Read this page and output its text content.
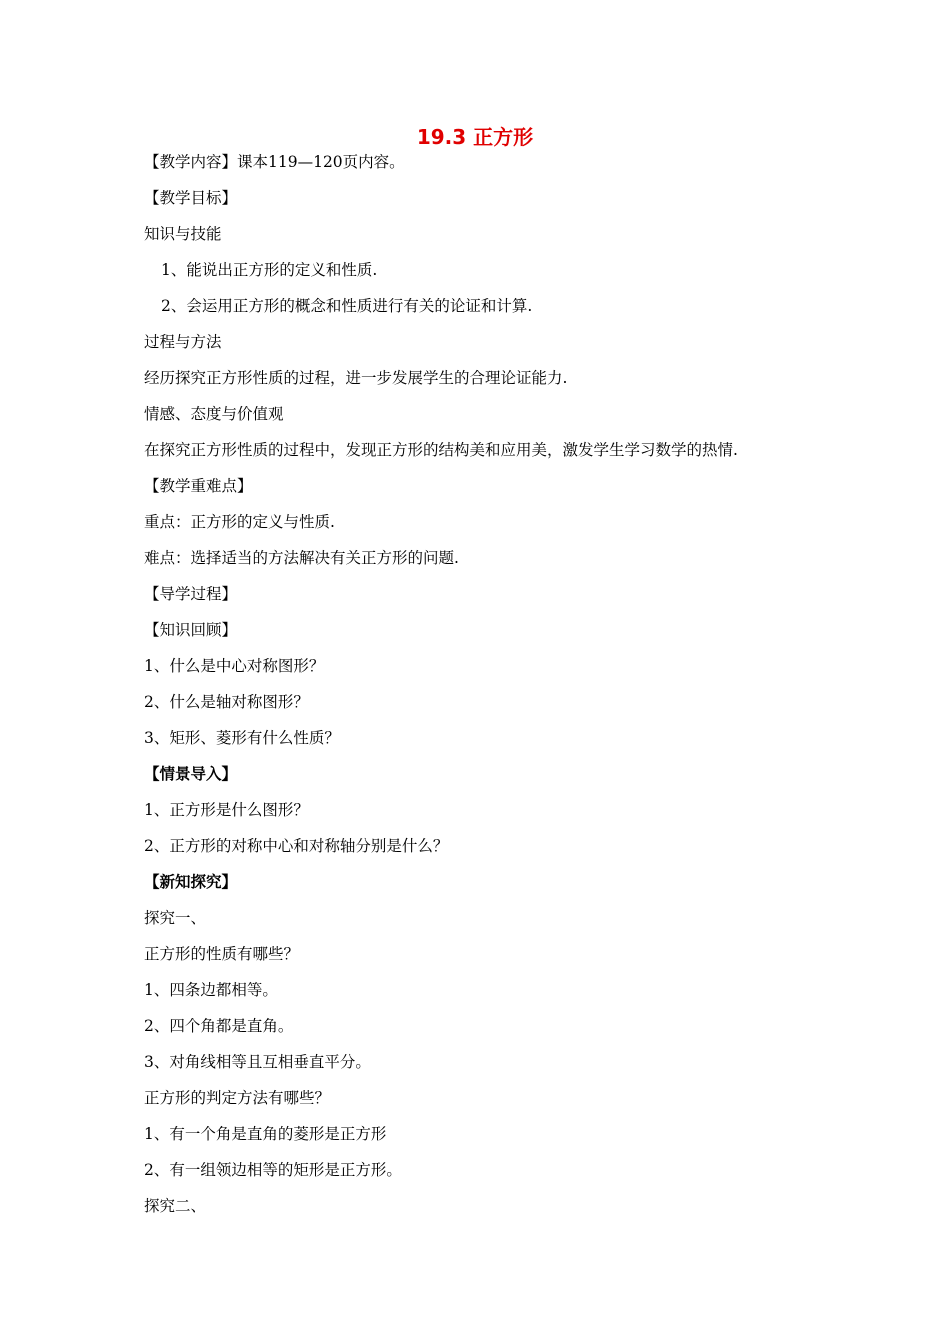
19.3 正方形
【教学内容】课本119—120页内容。
【教学目标】
知识与技能
1、能说出正方形的定义和性质.
2、会运用正方形的概念和性质进行有关的论证和计算.
过程与方法
经历探究正方形性质的过程，进一步发展学生的合理论证能力.
情感、态度与价值观
在探究正方形性质的过程中，发现正方形的结构美和应用美，激发学生学习数学的热情.
【教学重难点】
重点：正方形的定义与性质.
难点：选择适当的方法解决有关正方形的问题.
【导学过程】
【知识回顾】
1、什么是中心对称图形？
2、什么是轴对称图形？
3、矩形、菱形有什么性质？
【情景导入】
1、正方形是什么图形？
2、正方形的对称中心和对称轴分别是什么？
【新知探究】
探究一、
正方形的性质有哪些？
1、四条边都相等。
2、四个角都是直角。
3、对角线相等且互相垂直平分。
正方形的判定方法有哪些？
1、有一个角是直角的菱形是正方形
2、有一组领边相等的矩形是正方形。
探究二、
